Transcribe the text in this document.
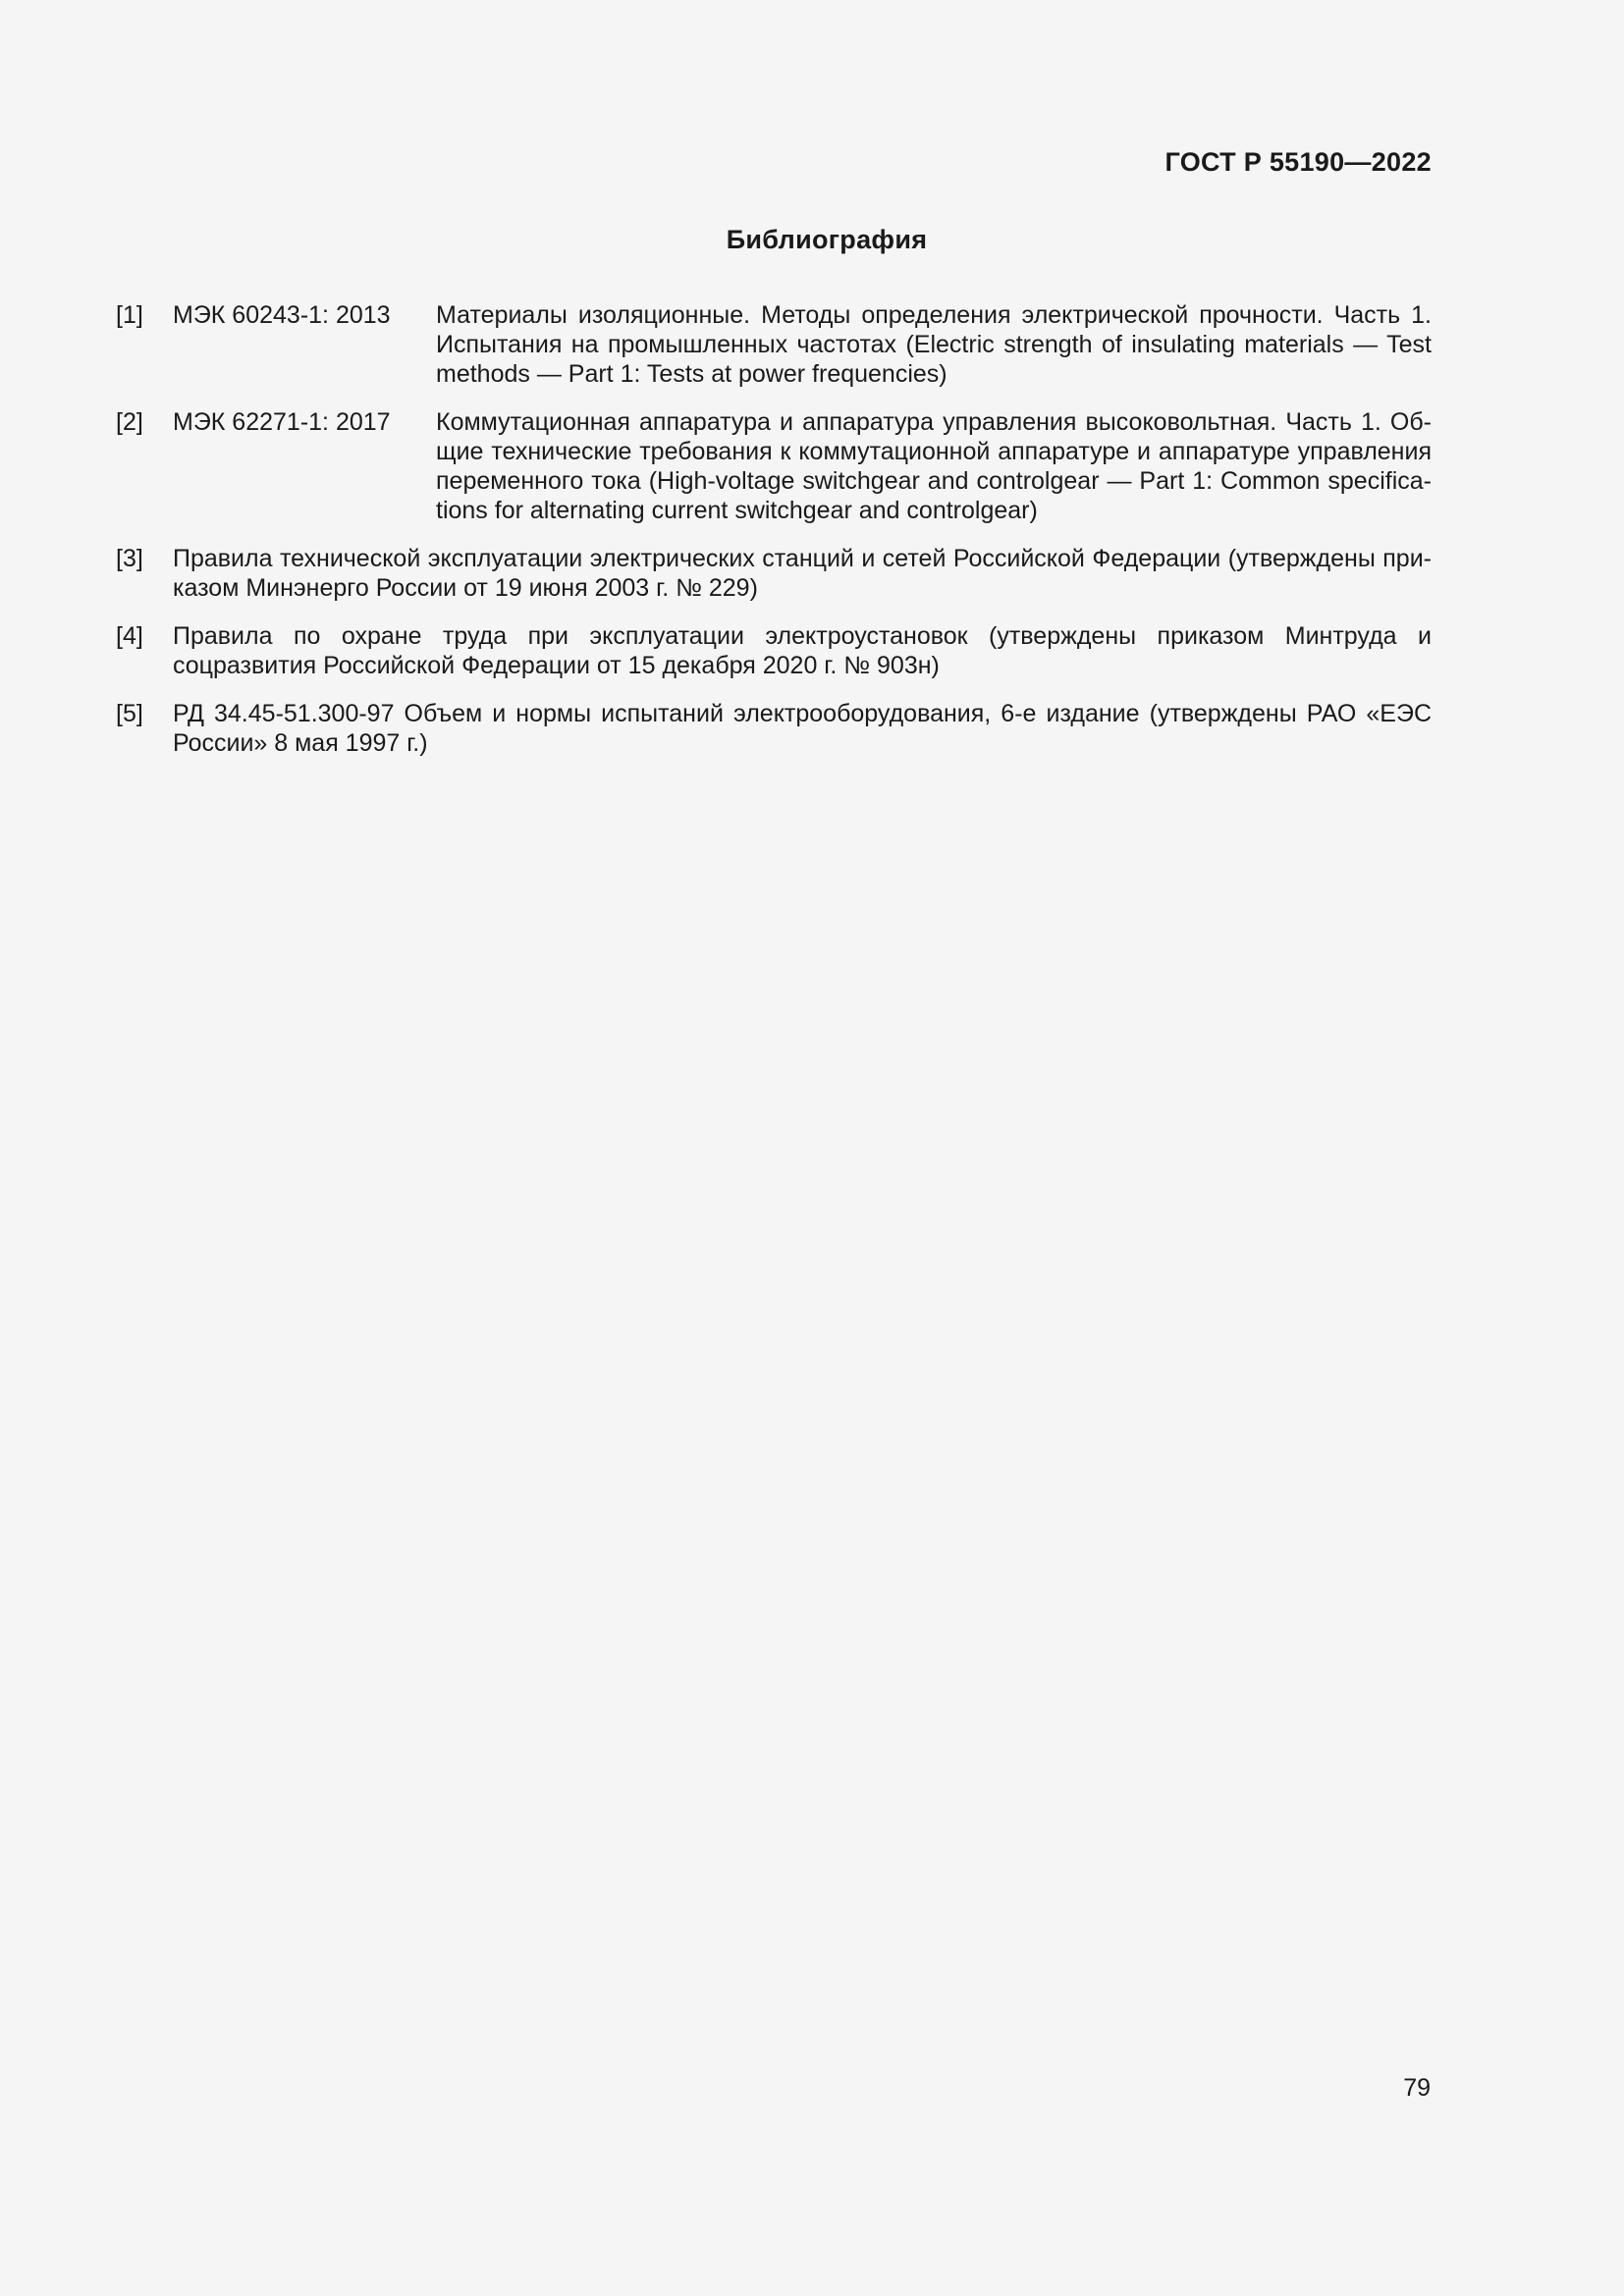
ГОСТ Р 55190—2022
Библиография
[1]	МЭК 60243-1: 2013	Материалы изоляционные. Методы определения электрической прочности. Часть 1. Испытания на промышленных частотах (Electric strength of insulating materials — Test methods — Part 1: Tests at power frequencies)
[2]	МЭК 62271-1: 2017	Коммутационная аппаратура и аппаратура управления высоковольтная. Часть 1. Общие технические требования к коммутационной аппаратуре и аппаратуре управления переменного тока (High-voltage switchgear and controlgear — Part 1: Common specifications for alternating current switchgear and controlgear)
[3]	Правила технической эксплуатации электрических станций и сетей Российской Федерации (утверждены приказом Минэнерго России от 19 июня 2003 г. № 229)
[4]	Правила по охране труда при эксплуатации электроустановок (утверждены приказом Минтруда и соцразвития Российской Федерации от 15 декабря 2020 г. № 903н)
[5]	РД 34.45-51.300-97 Объем и нормы испытаний электрооборудования, 6-е издание (утверждены РАО «ЕЭС России» 8 мая 1997 г.)
79
